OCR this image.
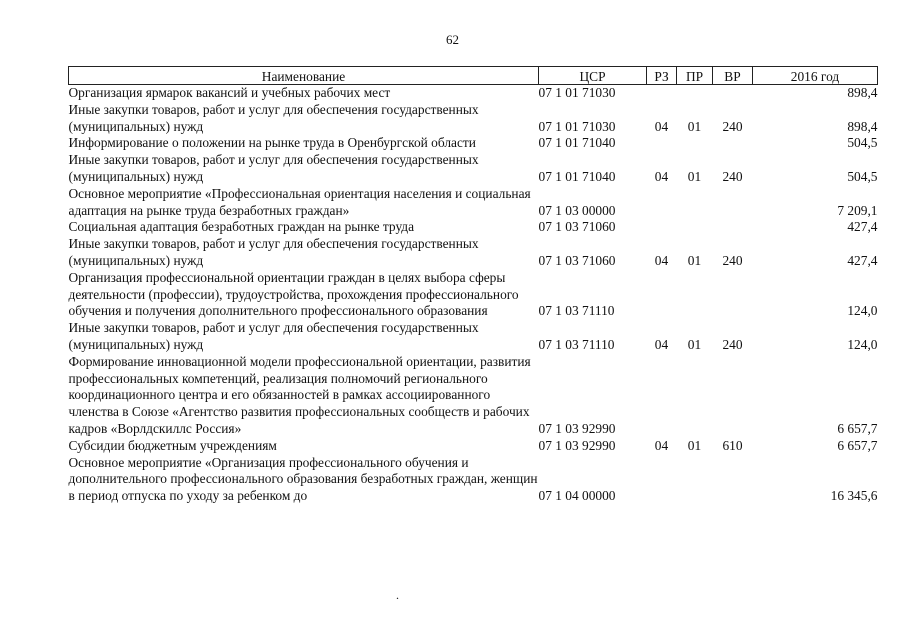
62
Наименование	ЦСР	РЗ	ПР	ВР	2016 год
Организация ярмарок вакансий и учебных рабочих мест	07 1 01 71030				898,4
Иные закупки товаров, работ и услуг для обеспечения государственных (муниципальных) нужд	07 1 01 71030	04	01	240	898,4
Информирование о положении на рынке труда в Оренбургской области	07 1 01 71040				504,5
Иные закупки товаров, работ и услуг для обеспечения государственных (муниципальных) нужд	07 1 01 71040	04	01	240	504,5
Основное мероприятие «Профессиональная ориентация населения и социальная адаптация на рынке труда безработных граждан»	07 1 03 00000				7 209,1
Социальная адаптация безработных граждан на рынке труда	07 1 03 71060				427,4
Иные закупки товаров, работ и услуг для обеспечения государственных (муниципальных) нужд	07 1 03 71060	04	01	240	427,4
Организация профессиональной ориентации граждан в целях выбора сферы деятельности (профессии), трудоустройства, прохождения профессионального обучения и получения дополнительного профессионального образования	07 1 03 71110				124,0
Иные закупки товаров, работ и услуг для обеспечения государственных (муниципальных) нужд	07 1 03 71110	04	01	240	124,0
Формирование инновационной модели профессиональной ориентации, развития профессиональных компетенций, реализация полномочий регионального координационного центра и его обязанностей в рамках ассоциированного членства в Союзе «Агентство развития профессиональных сообществ и рабочих кадров «Ворлдскиллс Россия»	07 1 03 92990				6 657,7
Субсидии бюджетным учреждениям	07 1 03 92990	04	01	610	6 657,7
Основное мероприятие «Организация профессионального обучения и дополнительного профессионального образования безработных граждан, женщин в период отпуска по уходу за ребенком до	07 1 04 00000				16 345,6
.
